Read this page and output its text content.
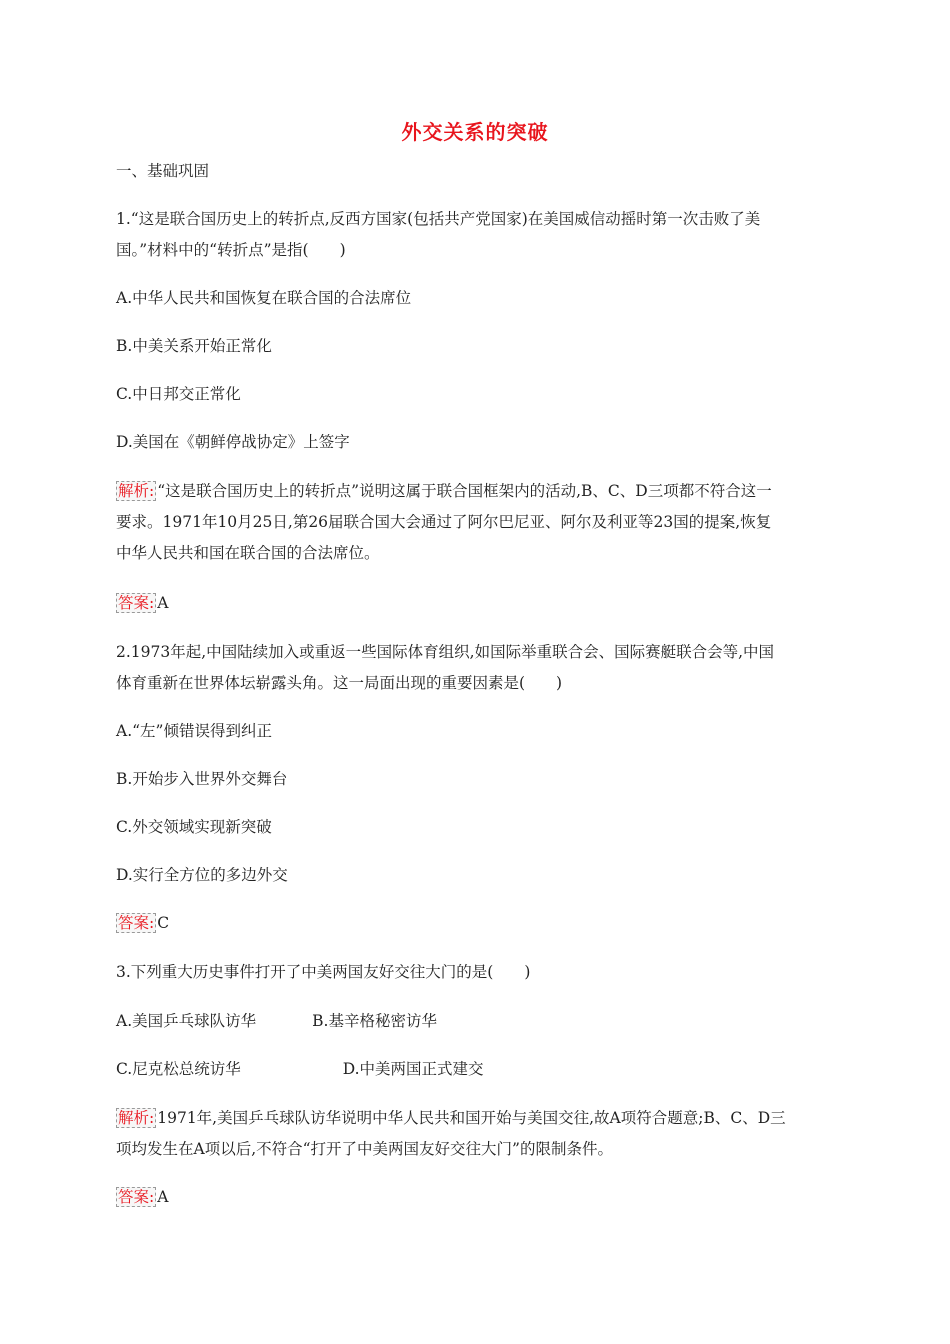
外交关系的突破
一、基础巩固
1.“这是联合国历史上的转折点,反西方国家(包括共产党国家)在美国威信动摇时第一次击败了美
国。”材料中的“转折点”是指(　　)
A.中华人民共和国恢复在联合国的合法席位
B.中美关系开始正常化
C.中日邦交正常化
D.美国在《朝鲜停战协定》上签字
解析: “这是联合国历史上的转折点”说明这属于联合国框架内的活动,B、C、D三项都不符合这一
要求。1971年10月25日,第26届联合国大会通过了阿尔巴尼亚、阿尔及利亚等23国的提案,恢复
中华人民共和国在联合国的合法席位。
答案: A
2.1973年起,中国陆续加入或重返一些国际体育组织,如国际举重联合会、国际赛艇联合会等,中国
体育重新在世界体坛崭露头角。这一局面出现的重要因素是(　　)
A.“左”倾错误得到纠正
B.开始步入世界外交舞台
C.外交领域实现新突破
D.实行全方位的多边外交
答案: C
3.下列重大历史事件打开了中美两国友好交往大门的是(　　)
A.美国乒乓球队访华	B.基辛格秘密访华
C.尼克松总统访华	D.中美两国正式建交
解析: 1971年,美国乒乓球队访华说明中华人民共和国开始与美国交往,故A项符合题意;B、C、D三
项均发生在A项以后,不符合“打开了中美两国友好交往大门”的限制条件。
答案: A
